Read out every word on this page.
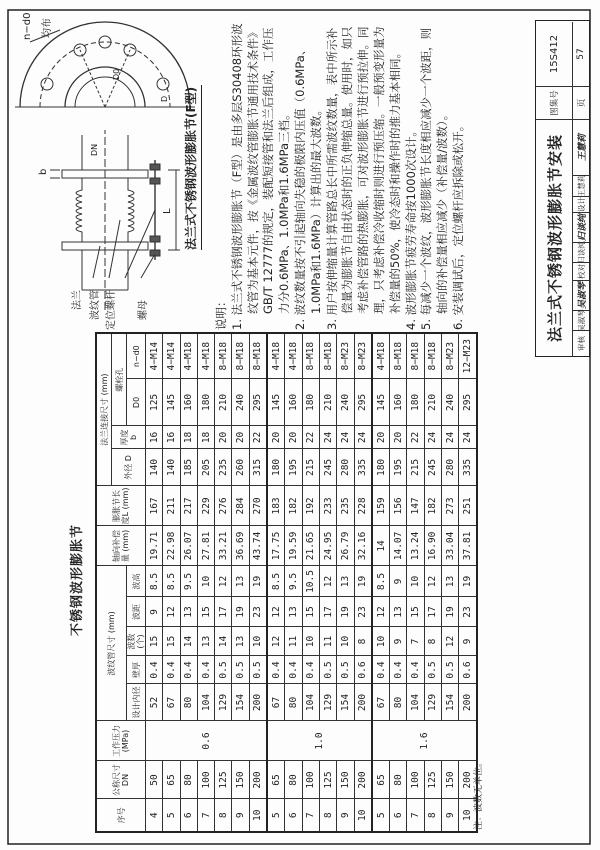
法兰 波纹管 定位螺杆	螺母
L
DN
b
n−d0 均布
D0
D 法兰式不锈钢波形膨胀节(F型)
不锈钢波形膨胀节
序号	公称尺寸 DN	工作压力 (MPa)	波纹管尺寸 (mm)					轴向补偿量 (mm)	膨胀节长度L (mm)	法兰连接尺寸 (mm)			
										外径 D	厚度 b	螺栓孔	
			设计内径	壁厚	波数 (个)	波距	波高					D0	n−d0
4	50	0.6	52	0.4	15	9	8.5	19.71	167	140	16	125	4−M14
5	65		67	0.4	15	12	8.5	22.98	211	140	16	145	4−M14
6	80		80	0.4	14	13	9.5	26.07	217	185	18	160	4−M18
7	100		104	0.4	13	15	10	27.81	229	205	18	180	4−M18
8	125		129	0.5	14	17	12	33.21	276	235	20	210	8−M18
9	150		154	0.5	13	19	13	36.69	284	260	20	240	8−M18
10	200		200	0.5	10	23	19	43.74	270	315	22	295	8−M18
5	65	1.0	67	0.4	12	12	8.5	17.75	183	180	20	145	4−M18
6	80		80	0.4	11	13	9.5	19.59	182	195	20	160	4−M18
7	100		104	0.4	10	15	10.5	21.65	192	215	22	180	8−M18
8	125		129	0.5	11	17	12	24.95	233	245	24	210	8−M18
9	150		154	0.5	10	19	13	26.79	235	280	24	240	8−M23
10	200		200	0.6	8	23	19	32.16	228	335	24	295	8−M23
5	65	1.6	67	0.4	10	12	8.5	14	159	180	20	145	4−M18
6	80		80	0.4	9	13	9	14.07	156	195	20	160	8−M18
7	100		104	0.4	7	15	10	13.24	147	215	22	180	8−M18
8	125		129	0.5	8	17	12	16.90	182	245	24	210	8−M18
9	150		154	0.5	12	19	13	33.04	273	280	24	240	8−M23
10	200		200	0.6	9	23	19	37.81	251	335	24	295	12−M23
注：波数无单位。
说明： 1. 法兰式不锈钢波形膨胀节（F型）是由多层S30408环形波纹管为基本元件，按《金属波纹管膨胀节通用技术条件》GB/T 12777的规定，装配短接管和法兰后组成，工作压力分0.6MPa、1.0MPa和1.6MPa三档。 2. 波纹数量按不引起轴向失稳的极限内压值（0.6MPa、1.0MPa和1.6MPa）计算出的最大波数。 3. 用户按伸缩量计算管路总长中所需波纹数量，表中所示补偿量为膨胀节自由状态时的正负伸缩总量。使用时，如只考虑补偿管路的热膨胀，可对波形膨胀节进行预拉伸。同理，只考虑补偿冷收缩时则进行预压缩。一般预变形量为补偿量的50%，使冷态时和操作时的推力基本相同。 4. 波形膨胀节疲劳寿命按1000次设计。 5. 每减少一个波纹，波形膨胀节长度相应减少一个波距，则轴向的补偿量相应减少（补偿量/波数）。 6. 安装调试后，定位螺杆应拆除或松开。	法兰式不锈钢波形膨胀节安装
图集号
15S412
审核
吴淑琴
吴淑琴
校对
归谈纯
归谈纯
设计
王慧莉
王慧莉
页
57
